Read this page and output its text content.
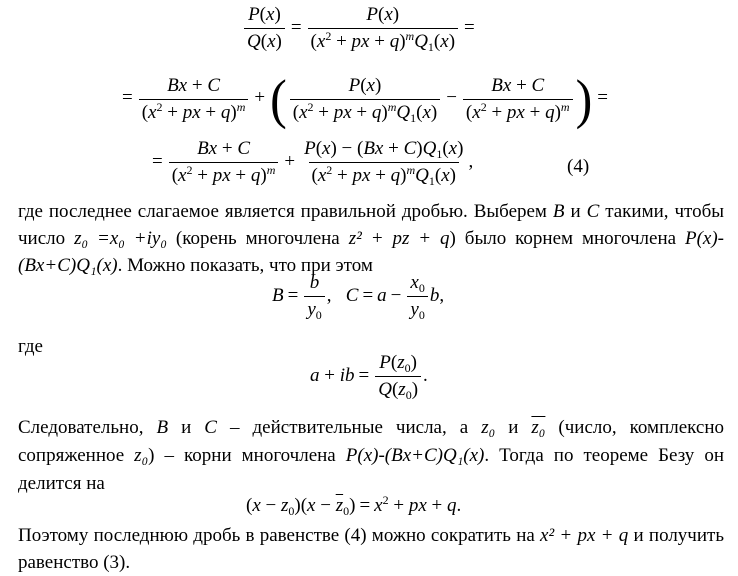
$\frac{P(x)}{Q(x)} = \frac{P(x)}{(x^2 + px + q)^mQ_1(x)}$ =
= $\frac{Bx + C}{(x^2 + px + q)^m}$ + ( $\frac{P(x)}{(x^2 + px + q)^mQ_1(x)} - \frac{Bx + C}{(x^2 + px + q)^m}$ ) =
= $\frac{Bx + C}{(x^2 + px + q)^m} + \frac{P(x) - (Bx + C)Q_1(x)}{(x^2 + px + q)^mQ_1(x)}$ ,	(4)
где последнее слагаемое является правильной дробью. Выберем B и C такими, чтобы число z₀ =x₀ +iy₀ (корень многочлена z² + pz + q) было корнем многочлена P(x)-(Bx+C)Q₁(x). Можно показать, что при этом
$B = \frac{b}{y_0}$ ,   $C = a - \frac{x_0}{y_0} b$,
где
a + ib = $\frac{P(z_0)}{Q(z_0)}$ .
Следовательно, B и C – действительные числа, а z₀ и z₀ (число, комплексно сопряженное z₀) – корни многочлена P(x)-(Bx+C)Q₁(x). Тогда по теореме Безу он делится на
$(x - z_0)(x - \overline{z}_0) = x^2$ + px + q.
Поэтому последнюю дробь в равенстве (4) можно сократить на x² + px + q и получить равенство (3).
